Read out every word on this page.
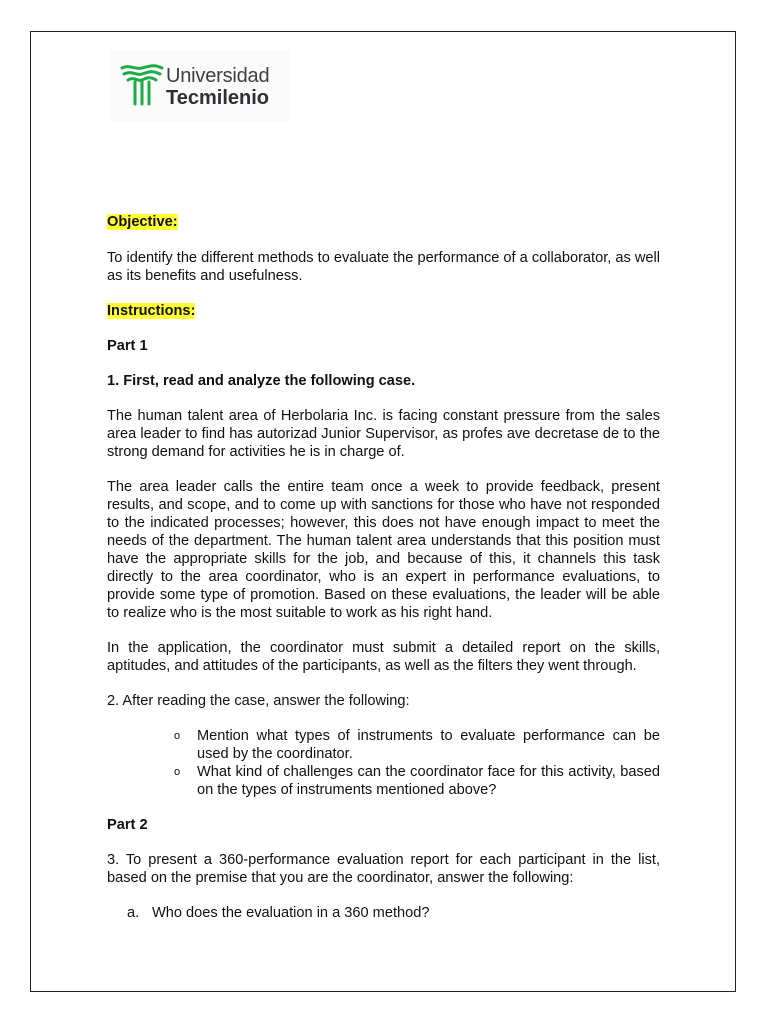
Universidad
Tecmilenio

Objective:

To identify the different methods to evaluate the performance of a collaborator, as well as its benefits and usefulness.

Instructions:

Part 1

1. First, read and analyze the following case.

The human talent area of Herbolaria Inc. is facing constant pressure from the sales area leader to find has autorizad Junior Supervisor, as profes ave decretase de to the strong demand for activities he is in charge of.

The area leader calls the entire team once a week to provide feedback, present results, and scope, and to come up with sanctions for those who have not responded to the indicated processes; however, this does not have enough impact to meet the needs of the department. The human talent area understands that this position must have the appropriate skills for the job, and because of this, it channels this task directly to the area coordinator, who is an expert in performance evaluations, to provide some type of promotion. Based on these evaluations, the leader will be able to realize who is the most suitable to work as his right hand.

In the application, the coordinator must submit a detailed report on the skills, aptitudes, and attitudes of the participants, as well as the filters they went through.

2. After reading the case, answer the following:

o Mention what types of instruments to evaluate performance can be used by the coordinator.
o What kind of challenges can the coordinator face for this activity, based on the types of instruments mentioned above?

Part 2

3. To present a 360-performance evaluation report for each participant in the list, based on the premise that you are the coordinator, answer the following:

a. Who does the evaluation in a 360 method?
